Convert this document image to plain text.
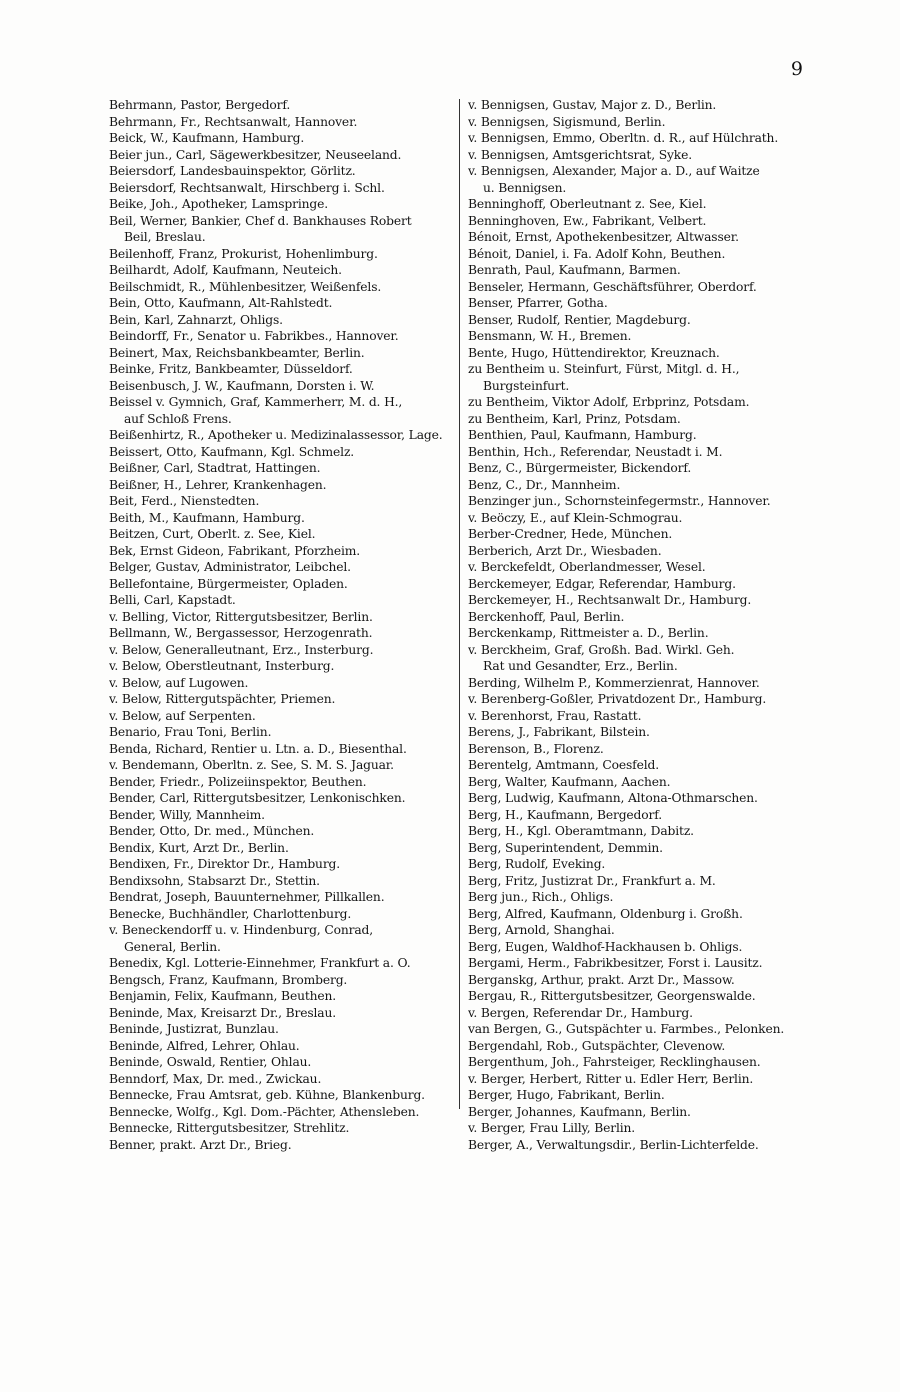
9
Behrmann, Pastor, Bergedorf.
Behrmann, Fr., Rechtsanwalt, Hannover.
Beick, W., Kaufmann, Hamburg.
Beier jun., Carl, Sägewerkbesitzer, Neuseeland.
Beiersdorf, Landesbauinspektor, Görlitz.
Beiersdorf, Rechtsanwalt, Hirschberg i. Schl.
Beike, Joh., Apotheker, Lamspringe.
Beil, Werner, Bankier, Chef d. Bankhauses Robert
Beil, Breslau.
Beilenhoff, Franz, Prokurist, Hohenlimburg.
Beilhardt, Adolf, Kaufmann, Neuteich.
Beilschmidt, R., Mühlenbesitzer, Weißenfels.
Bein, Otto, Kaufmann, Alt-Rahlstedt.
Bein, Karl, Zahnarzt, Ohligs.
Beindorff, Fr., Senator u. Fabrikbes., Hannover.
Beinert, Max, Reichsbankbeamter, Berlin.
Beinke, Fritz, Bankbeamter, Düsseldorf.
Beisenbusch, J. W., Kaufmann, Dorsten i. W.
Beissel v. Gymnich, Graf, Kammerherr, M. d. H.,
auf Schloß Frens.
Beißenhirtz, R., Apotheker u. Medizinalassessor, Lage.
Beissert, Otto, Kaufmann, Kgl. Schmelz.
Beißner, Carl, Stadtrat, Hattingen.
Beißner, H., Lehrer, Krankenhagen.
Beit, Ferd., Nienstedten.
Beith, M., Kaufmann, Hamburg.
Beitzen, Curt, Oberlt. z. See, Kiel.
Bek, Ernst Gideon, Fabrikant, Pforzheim.
Belger, Gustav, Administrator, Leibchel.
Bellefontaine, Bürgermeister, Opladen.
Belli, Carl, Kapstadt.
v. Belling, Victor, Rittergutsbesitzer, Berlin.
Bellmann, W., Bergassessor, Herzogenrath.
v. Below, Generalleutnant, Erz., Insterburg.
v. Below, Oberstleutnant, Insterburg.
v. Below, auf Lugowen.
v. Below, Rittergutspächter, Priemen.
v. Below, auf Serpenten.
Benario, Frau Toni, Berlin.
Benda, Richard, Rentier u. Ltn. a. D., Biesenthal.
v. Bendemann, Oberltn. z. See, S. M. S. Jaguar.
Bender, Friedr., Polizeiinspektor, Beuthen.
Bender, Carl, Rittergutsbesitzer, Lenkonischken.
Bender, Willy, Mannheim.
Bender, Otto, Dr. med., München.
Bendix, Kurt, Arzt Dr., Berlin.
Bendixen, Fr., Direktor Dr., Hamburg.
Bendixsohn, Stabsarzt Dr., Stettin.
Bendrat, Joseph, Bauunternehmer, Pillkallen.
Benecke, Buchhändler, Charlottenburg.
v. Beneckendorff u. v. Hindenburg, Conrad,
General, Berlin.
Benedix, Kgl. Lotterie-Einnehmer, Frankfurt a. O.
Bengsch, Franz, Kaufmann, Bromberg.
Benjamin, Felix, Kaufmann, Beuthen.
Beninde, Max, Kreisarzt Dr., Breslau.
Beninde, Justizrat, Bunzlau.
Beninde, Alfred, Lehrer, Ohlau.
Beninde, Oswald, Rentier, Ohlau.
Benndorf, Max, Dr. med., Zwickau.
Bennecke, Frau Amtsrat, geb. Kühne, Blankenburg.
Bennecke, Wolfg., Kgl. Dom.-Pächter, Athensleben.
Bennecke, Rittergutsbesitzer, Strehlitz.
Benner, prakt. Arzt Dr., Brieg.
v. Bennigsen, Gustav, Major z. D., Berlin.
v. Bennigsen, Sigismund, Berlin.
v. Bennigsen, Emmo, Oberltn. d. R., auf Hülchrath.
v. Bennigsen, Amtsgerichtsrat, Syke.
v. Bennigsen, Alexander, Major a. D., auf Waitze
u. Bennigsen.
Benninghoff, Oberleutnant z. See, Kiel.
Benninghoven, Ew., Fabrikant, Velbert.
Bénoit, Ernst, Apothekenbesitzer, Altwasser.
Bénoit, Daniel, i. Fa. Adolf Kohn, Beuthen.
Benrath, Paul, Kaufmann, Barmen.
Benseler, Hermann, Geschäftsführer, Oberdorf.
Benser, Pfarrer, Gotha.
Benser, Rudolf, Rentier, Magdeburg.
Bensmann, W. H., Bremen.
Bente, Hugo, Hüttendirektor, Kreuznach.
zu Bentheim u. Steinfurt, Fürst, Mitgl. d. H.,
Burgsteinfurt.
zu Bentheim, Viktor Adolf, Erbprinz, Potsdam.
zu Bentheim, Karl, Prinz, Potsdam.
Benthien, Paul, Kaufmann, Hamburg.
Benthin, Hch., Referendar, Neustadt i. M.
Benz, C., Bürgermeister, Bickendorf.
Benz, C., Dr., Mannheim.
Benzinger jun., Schornsteinfegermstr., Hannover.
v. Beöczy, E., auf Klein-Schmograu.
Berber-Credner, Hede, München.
Berberich, Arzt Dr., Wiesbaden.
v. Berckefeldt, Oberlandmesser, Wesel.
Berckemeyer, Edgar, Referendar, Hamburg.
Berckemeyer, H., Rechtsanwalt Dr., Hamburg.
Berckenhoff, Paul, Berlin.
Berckenkamp, Rittmeister a. D., Berlin.
v. Berckheim, Graf, Großh. Bad. Wirkl. Geh.
Rat und Gesandter, Erz., Berlin.
Berding, Wilhelm P., Kommerzienrat, Hannover.
v. Berenberg-Goßler, Privatdozent Dr., Hamburg.
v. Berenhorst, Frau, Rastatt.
Berens, J., Fabrikant, Bilstein.
Berenson, B., Florenz.
Berentelg, Amtmann, Coesfeld.
Berg, Walter, Kaufmann, Aachen.
Berg, Ludwig, Kaufmann, Altona-Othmarschen.
Berg, H., Kaufmann, Bergedorf.
Berg, H., Kgl. Oberamtmann, Dabitz.
Berg, Superintendent, Demmin.
Berg, Rudolf, Eveking.
Berg, Fritz, Justizrat Dr., Frankfurt a. M.
Berg jun., Rich., Ohligs.
Berg, Alfred, Kaufmann, Oldenburg i. Großh.
Berg, Arnold, Shanghai.
Berg, Eugen, Waldhof-Hackhausen b. Ohligs.
Bergami, Herm., Fabrikbesitzer, Forst i. Lausitz.
Berganskg, Arthur, prakt. Arzt Dr., Massow.
Bergau, R., Rittergutsbesitzer, Georgenswalde.
v. Bergen, Referendar Dr., Hamburg.
van Bergen, G., Gutspächter u. Farmbes., Pelonken.
Bergendahl, Rob., Gutspächter, Clevenow.
Bergenthum, Joh., Fahrsteiger, Recklinghausen.
v. Berger, Herbert, Ritter u. Edler Herr, Berlin.
Berger, Hugo, Fabrikant, Berlin.
Berger, Johannes, Kaufmann, Berlin.
v. Berger, Frau Lilly, Berlin.
Berger, A., Verwaltungsdir., Berlin-Lichterfelde.
